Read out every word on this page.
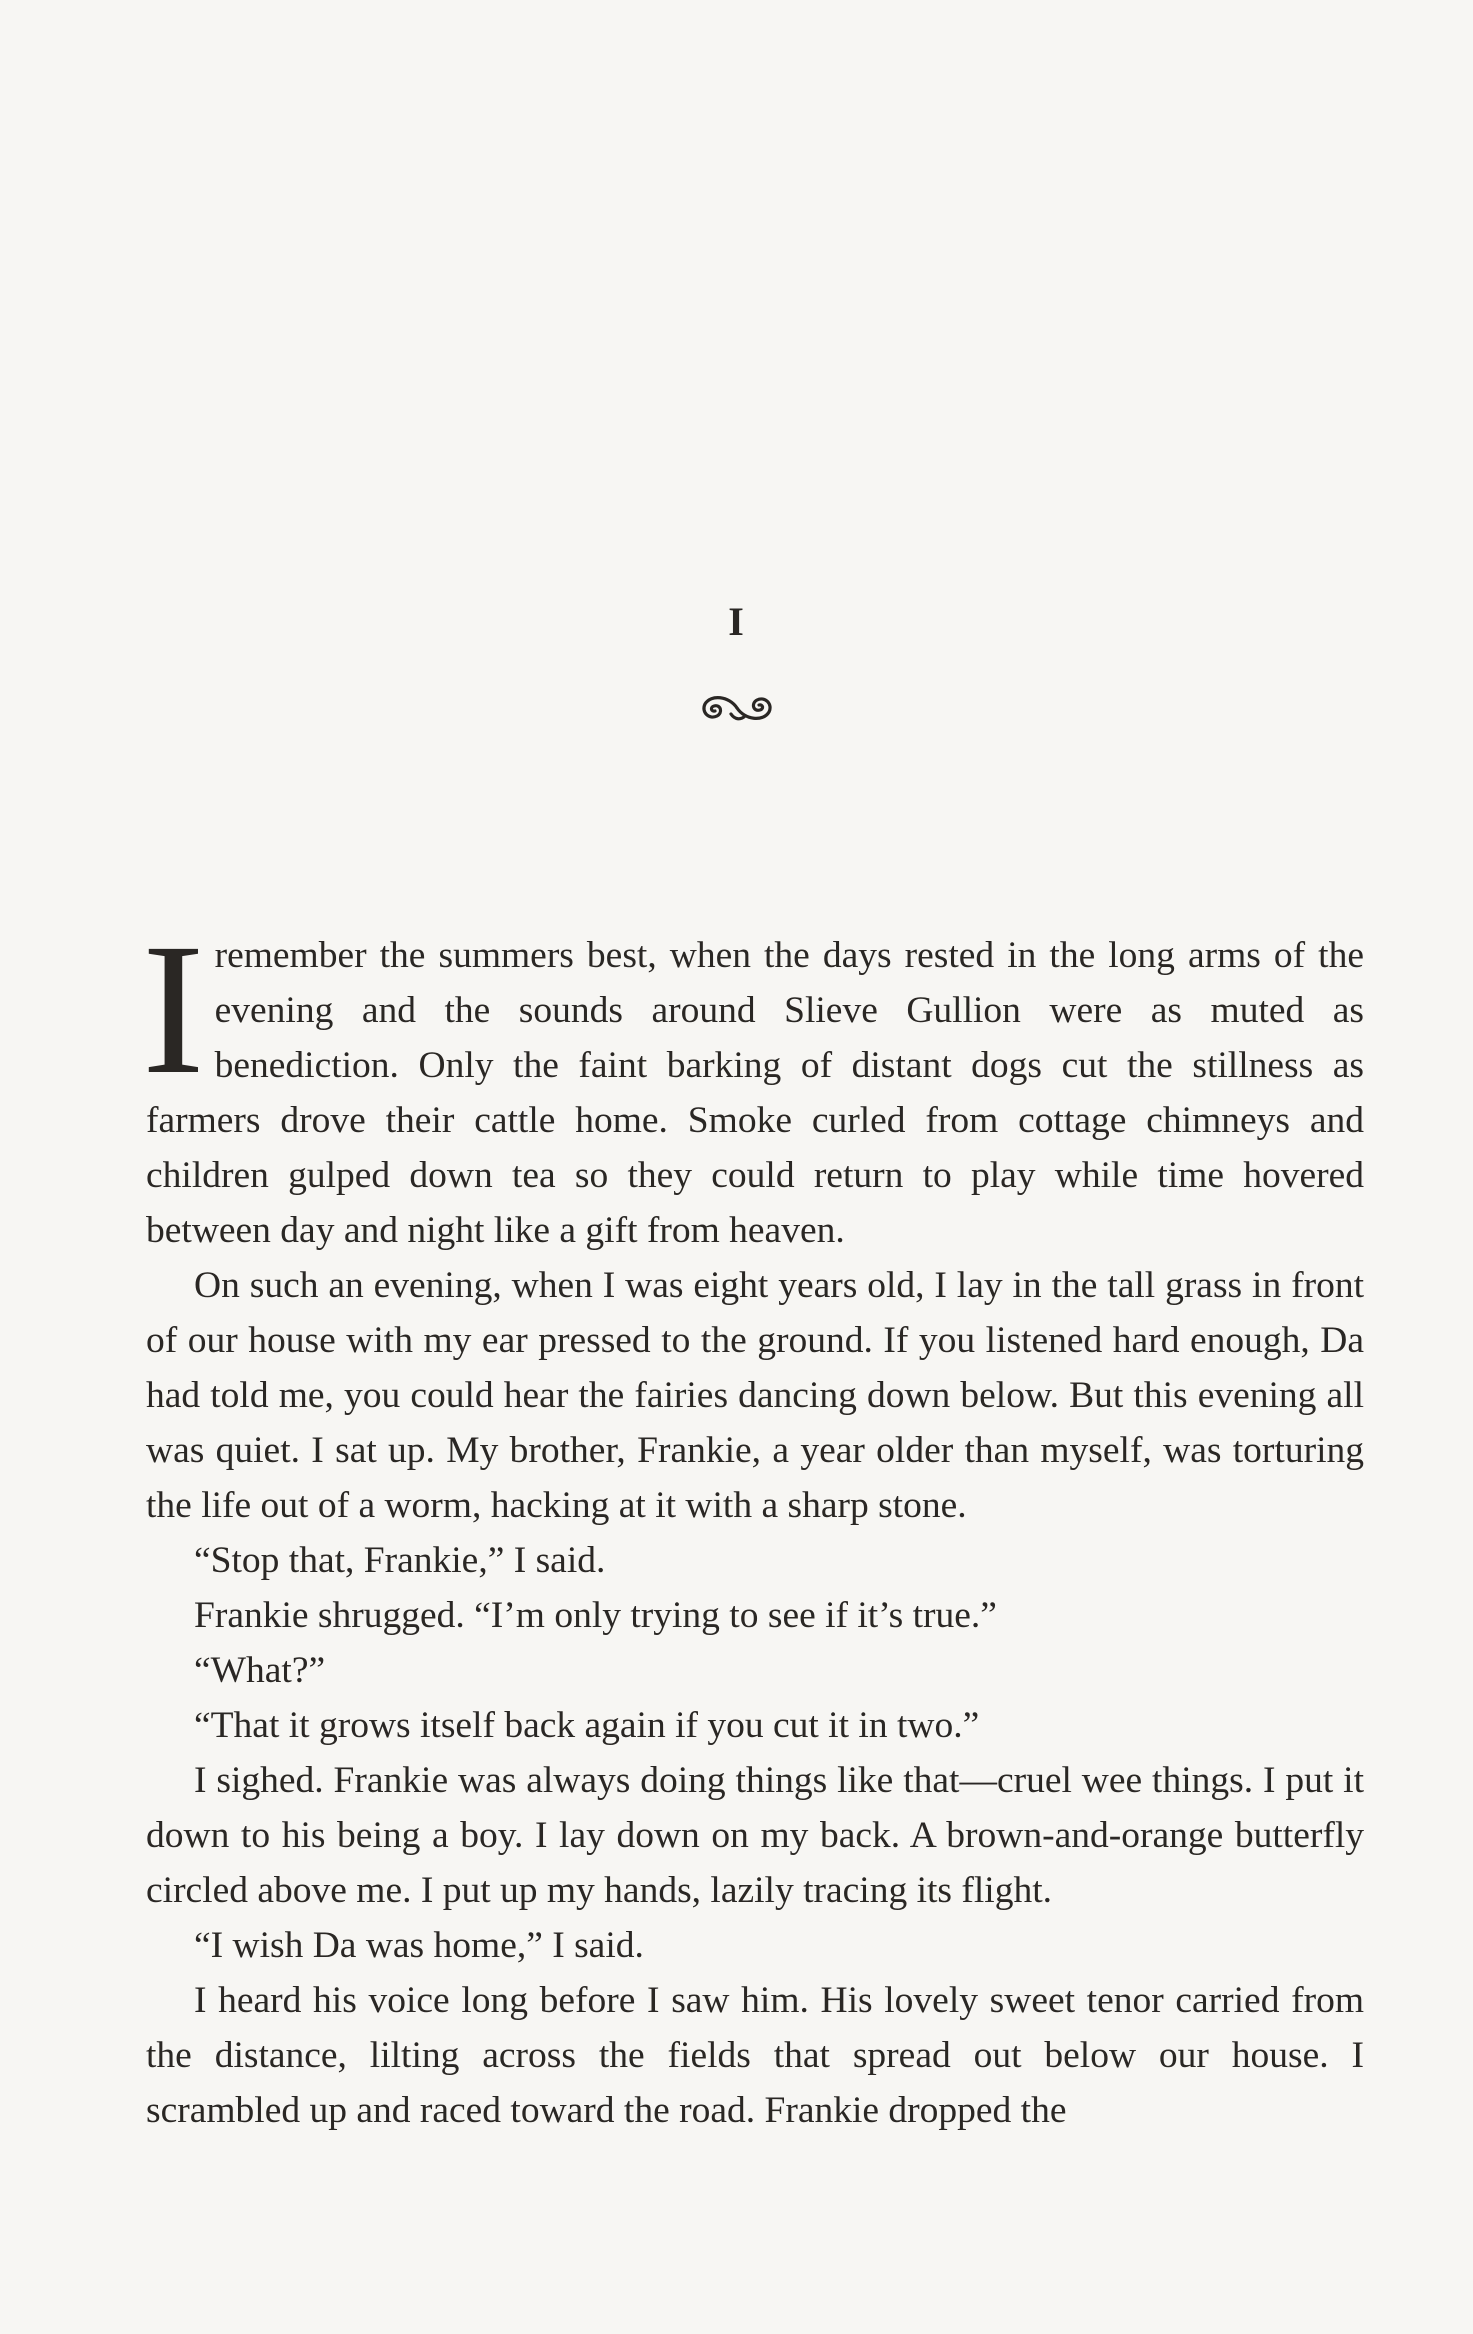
I

Iremember the summers best, when the days rested in the long arms of the evening and the sounds around Slieve Gullion were as muted as benediction. Only the faint barking of distant dogs cut the stillness as farmers drove their cattle home. Smoke curled from cottage chimneys and children gulped down tea so they could return to play while time hovered between day and night like a gift from heaven.

On such an evening, when I was eight years old, I lay in the tall grass in front of our house with my ear pressed to the ground. If you listened hard enough, Da had told me, you could hear the fairies dancing down below. But this evening all was quiet. I sat up. My brother, Frankie, a year older than myself, was torturing the life out of a worm, hacking at it with a sharp stone.

“Stop that, Frankie,” I said.

Frankie shrugged. “I’m only trying to see if it’s true.”

“What?”

“That it grows itself back again if you cut it in two.”

I sighed. Frankie was always doing things like that—cruel wee things. I put it down to his being a boy. I lay down on my back. A brown-and-orange butterfly circled above me. I put up my hands, lazily tracing its flight.

“I wish Da was home,” I said.

I heard his voice long before I saw him. His lovely sweet tenor carried from the distance, lilting across the fields that spread out below our house. I scrambled up and raced toward the road. Frankie dropped the
